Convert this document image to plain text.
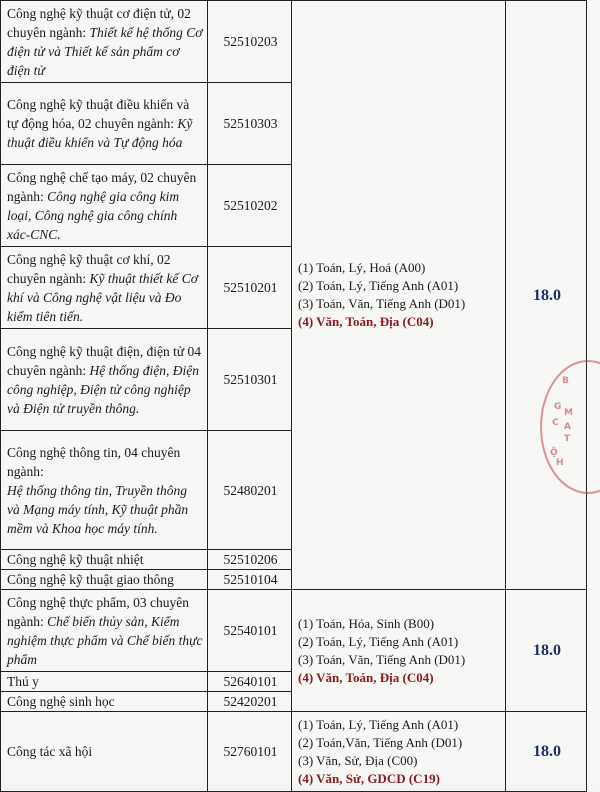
Công nghệ kỹ thuật cơ điện tử, 02 chuyên ngành: Thiết kế hệ thống Cơ điện tử và Thiết kế sản phẩm cơ điện tử	52510203	(1) Toán, Lý, Hoá (A00)
(2) Toán, Lý, Tiếng Anh (A01)
(3) Toán, Văn, Tiếng Anh (D01)
(4) Văn, Toán, Địa (C04)	18.0
Công nghệ kỹ thuật điều khiển và tự động hóa, 02 chuyên ngành: Kỹ thuật điều khiển và Tự động hóa	52510303		
Công nghệ chế tạo máy, 02 chuyên ngành: Công nghệ gia công kim loại, Công nghệ gia công chính xác-CNC.	52510202		
Công nghệ kỹ thuật cơ khí, 02 chuyên ngành: Kỹ thuật thiết kế Cơ khí và Công nghệ vật liệu và Đo kiểm tiên tiến.	52510201		
Công nghệ kỹ thuật điện, điện tử 04 chuyên ngành: Hệ thống điện, Điện công nghiệp, Điện tử công nghiệp và Điện tử truyền thông.	52510301		

Công nghệ thông tin, 04 chuyên ngành:
Hệ thống thông tin, Truyền thông và Mạng máy tính, Kỹ thuật phần mềm và Khoa học máy tính.	52480201		
Công nghệ kỹ thuật nhiệt	52510206		
Công nghệ kỹ thuật giao thông	52510104		
Công nghệ thực phẩm, 03 chuyên ngành: Chế biến thủy sản, Kiểm nghiệm thực phẩm và Chế biến thực phẩm	52540101	(1) Toán, Hóa, Sinh (B00)
(2) Toán, Lý, Tiếng Anh (A01)
(3) Toán, Văn, Tiếng Anh (D01)
(4) Văn, Toán, Địa (C04)	18.0
Thú y	52640101		
Công nghệ sinh học	52420201		
Công tác xã hội	52760101	(1) Toán, Lý, Tiếng Anh (A01)
(2) Toán,Văn, Tiếng Anh (D01)
(3) Văn, Sử, Địa (C00)
(4) Văn, Sử, GDCD (C19)	18.0
B
G
M
C A
T
Ộ
H
